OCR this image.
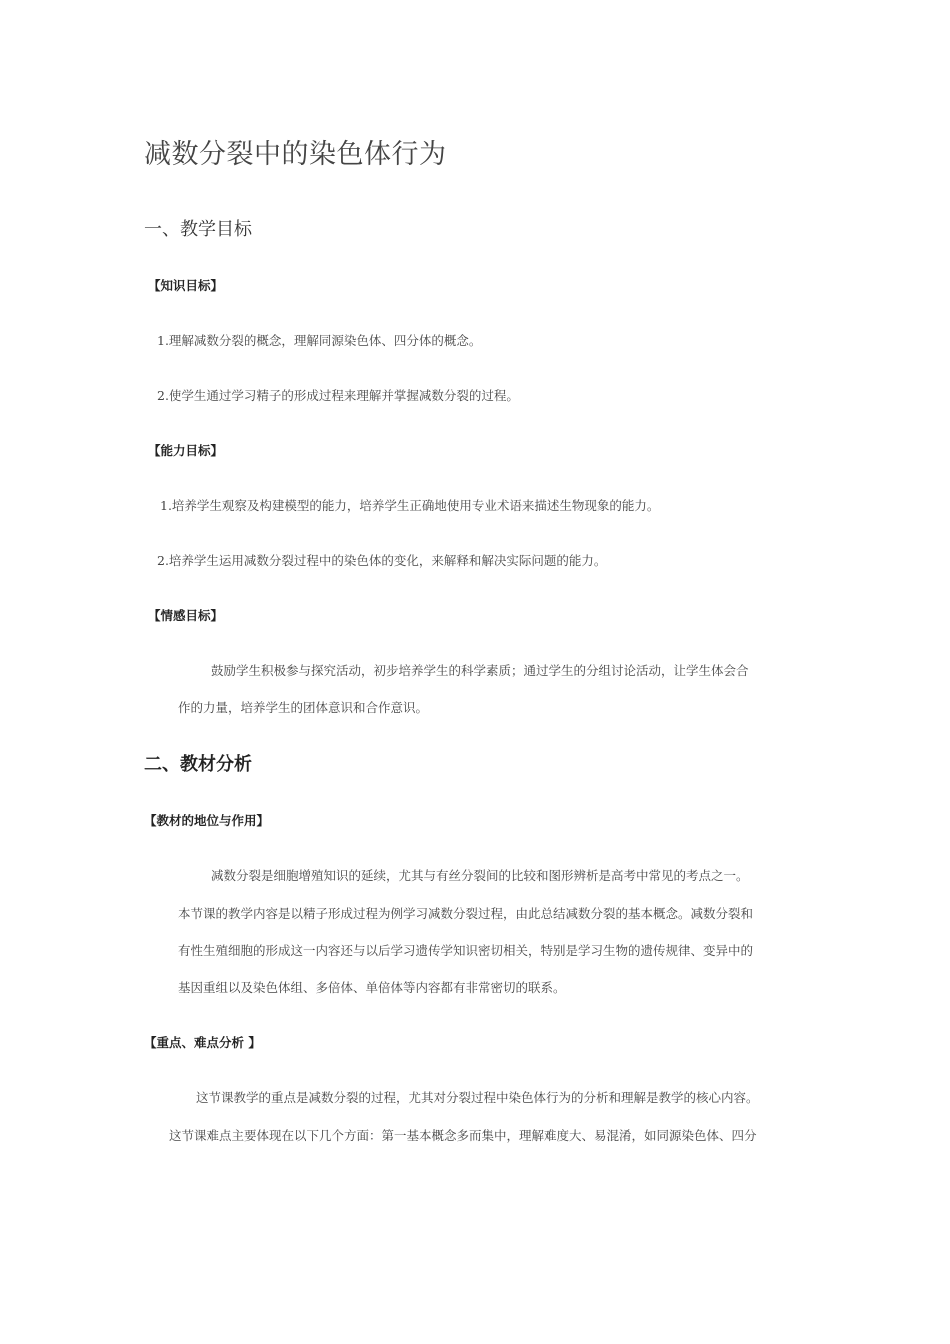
减数分裂中的染色体行为
一、教学目标
【知识目标】
1.理解减数分裂的概念，理解同源染色体、四分体的概念。
2.使学生通过学习精子的形成过程来理解并掌握减数分裂的过程。
【能力目标】
1.培养学生观察及构建模型的能力，培养学生正确地使用专业术语来描述生物现象的能力。
2.培养学生运用减数分裂过程中的染色体的变化，来解释和解决实际问题的能力。
【情感目标】
鼓励学生积极参与探究活动，初步培养学生的科学素质；通过学生的分组讨论活动，让学生体会合
作的力量，培养学生的团体意识和合作意识。
二、教材分析
【教材的地位与作用】
减数分裂是细胞增殖知识的延续，尤其与有丝分裂间的比较和图形辨析是高考中常见的考点之一。
本节课的教学内容是以精子形成过程为例学习减数分裂过程，由此总结减数分裂的基本概念。减数分裂和
有性生殖细胞的形成这一内容还与以后学习遗传学知识密切相关，特别是学习生物的遗传规律、变异中的
基因重组以及染色体组、多倍体、单倍体等内容都有非常密切的联系。
【重点、难点分析 】
这节课教学的重点是减数分裂的过程，尤其对分裂过程中染色体行为的分析和理解是教学的核心内容。
这节课难点主要体现在以下几个方面：第一基本概念多而集中，理解难度大、易混淆，如同源染色体、四分
